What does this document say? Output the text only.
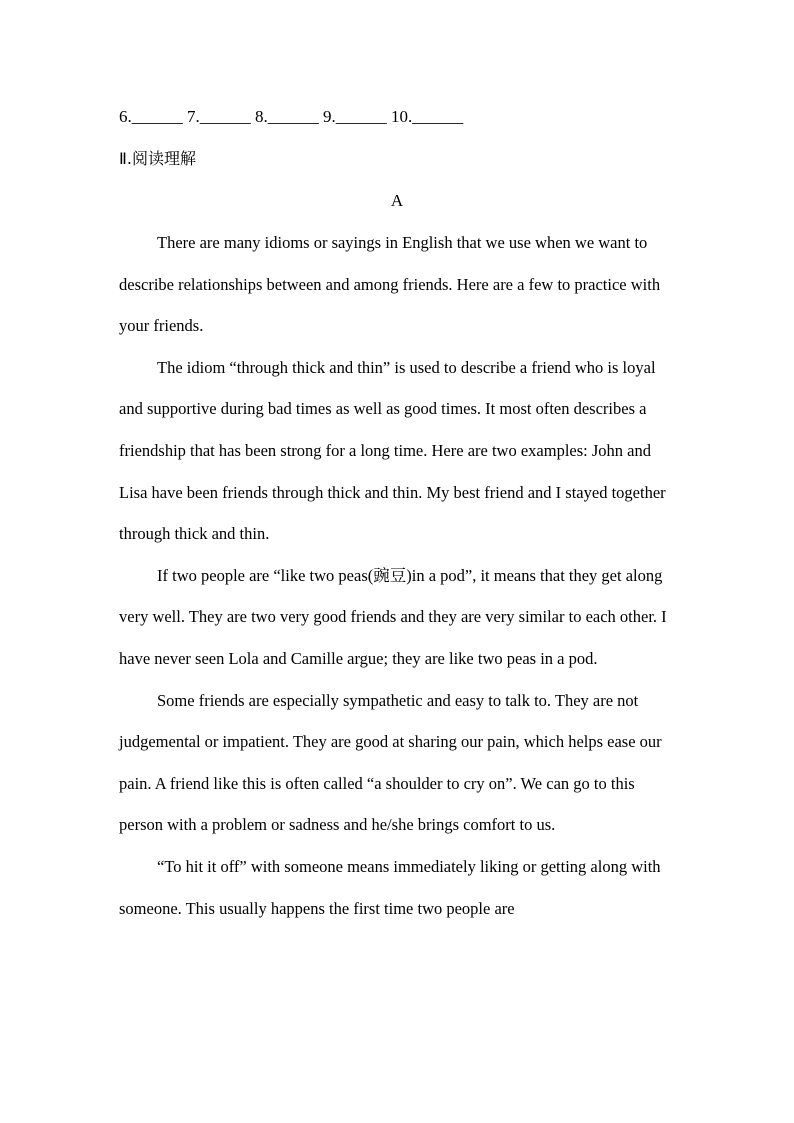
6.______ 7.______ 8.______ 9.______ 10.______
Ⅱ.阅读理解
A

There are many idioms or sayings in English that we use when we want to describe relationships between and among friends. Here are a few to practice with your friends.

The idiom “through thick and thin” is used to describe a friend who is loyal and supportive during bad times as well as good times. It most often describes a friendship that has been strong for a long time. Here are two examples: John and Lisa have been friends through thick and thin. My best friend and I stayed together through thick and thin.

If two people are “like two peas(豌豆)in a pod”, it means that they get along very well. They are two very good friends and they are very similar to each other. I have never seen Lola and Camille argue; they are like two peas in a pod.

Some friends are especially sympathetic and easy to talk to. They are not judgemental or impatient. They are good at sharing our pain, which helps ease our pain. A friend like this is often called “a shoulder to cry on”. We can go to this person with a problem or sadness and he/she brings comfort to us.

“To hit it off” with someone means immediately liking or getting along with someone. This usually happens the first time two people are
